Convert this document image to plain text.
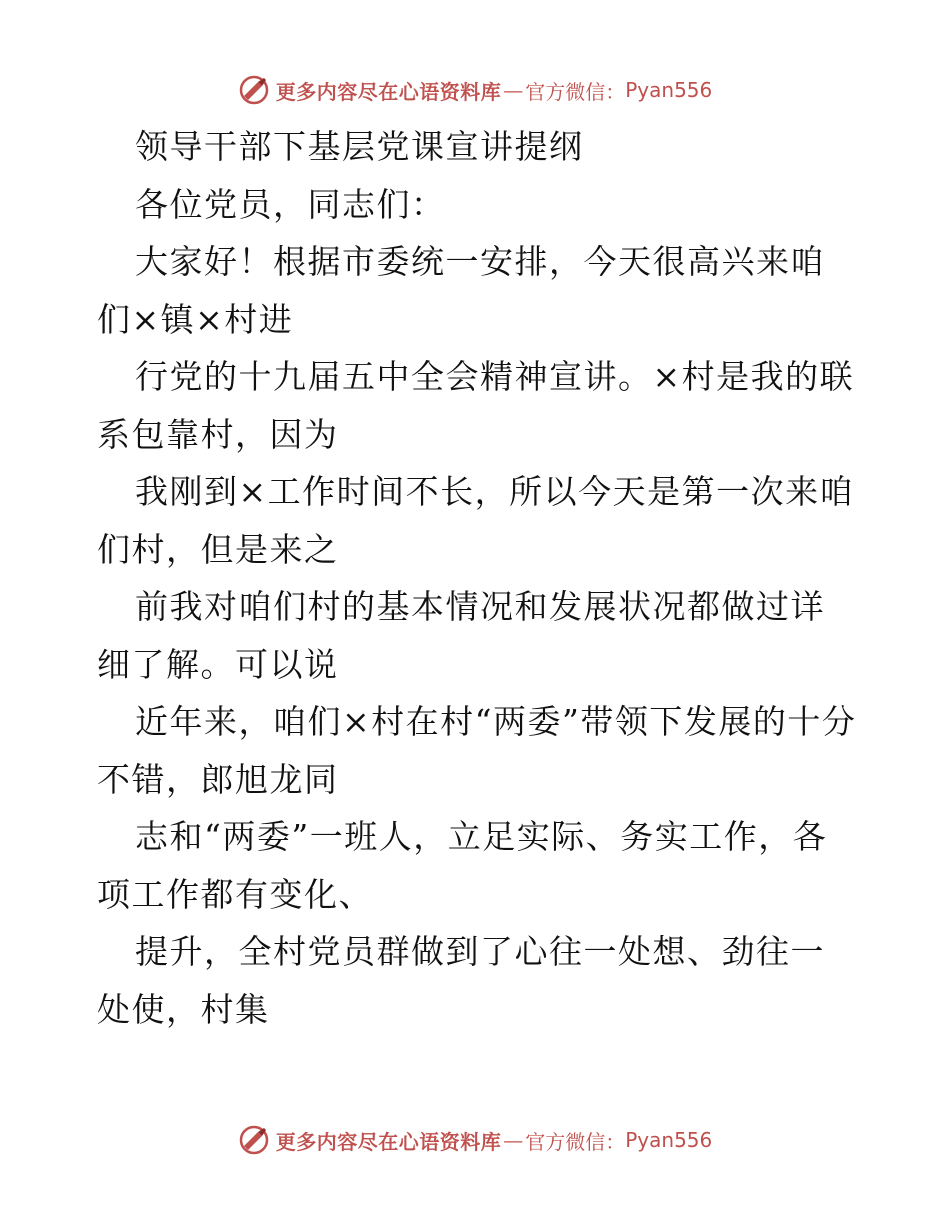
更多内容尽在心语资料库 — 官方微信： Pyan556

领导干部下基层党课宣讲提纲

各位党员，同志们：

大家好！根据市委统一安排，今天很高兴来咱们×镇×村进

行党的十九届五中全会精神宣讲。×村是我的联系包靠村，因为

我刚到×工作时间不长，所以今天是第一次来咱们村，但是来之

前我对咱们村的基本情况和发展状况都做过详细了解。可以说

近年来，咱们×村在村“两委”带领下发展的十分不错，郎旭龙同

志和“两委”一班人，立足实际、务实工作，各项工作都有变化、

提升，全村党员群做到了心往一处想、劲往一处使，村集

更多内容尽在心语资料库 — 官方微信： Pyan556
